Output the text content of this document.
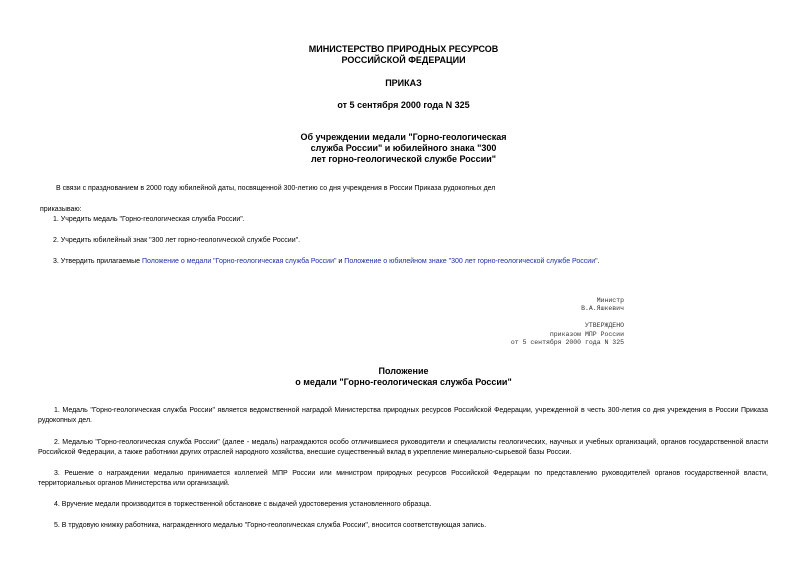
МИНИСТЕРСТВО ПРИРОДНЫХ РЕСУРСОВ
РОССИЙСКОЙ ФЕДЕРАЦИИ
ПРИКАЗ
от 5 сентября 2000 года N 325
Об учреждении медали "Горно-геологическая
служба России" и юбилейного знака "300
лет горно-геологической службе России"
В связи с празднованием в 2000 году юбилейной даты, посвященной 300-летию со дня учреждения в России Приказа рудокопных дел
приказываю:
1. Учредить медаль "Горно-геологическая служба России".
2. Учредить юбилейный знак "300 лет горно-геологической службе России".
3. Утвердить прилагаемые Положение о медали "Горно-геологическая служба России" и Положение о юбилейном знаке "300 лет горно-геологической службе России".
Министр
В.А.Яшкевич
УТВЕРЖДЕНО
приказом МПР России
от 5 сентября 2000 года N 325
Положение
о медали "Горно-геологическая служба России"
1. Медаль "Горно-геологическая служба России" является ведомственной наградой Министерства природных ресурсов Российской Федерации, учрежденной в честь 300-летия со дня учреждения в России Приказа рудокопных дел.
2. Медалью "Горно-геологическая служба России" (далее - медаль) награждаются особо отличившиеся руководители и специалисты геологических, научных и учебных организаций, органов государственной власти Российской Федерации, а также работники других отраслей народного хозяйства, внесшие существенный вклад в укрепление минерально-сырьевой базы России.
3. Решение о награждении медалью принимается коллегией МПР России или министром природных ресурсов Российской Федерации по представлению руководителей органов государственной власти, территориальных органов Министерства или организаций.
4. Вручение медали производится в торжественной обстановке с выдачей удостоверения установленного образца.
5. В трудовую книжку работника, награжденного медалью "Горно-геологическая служба России", вносится соответствующая запись.
